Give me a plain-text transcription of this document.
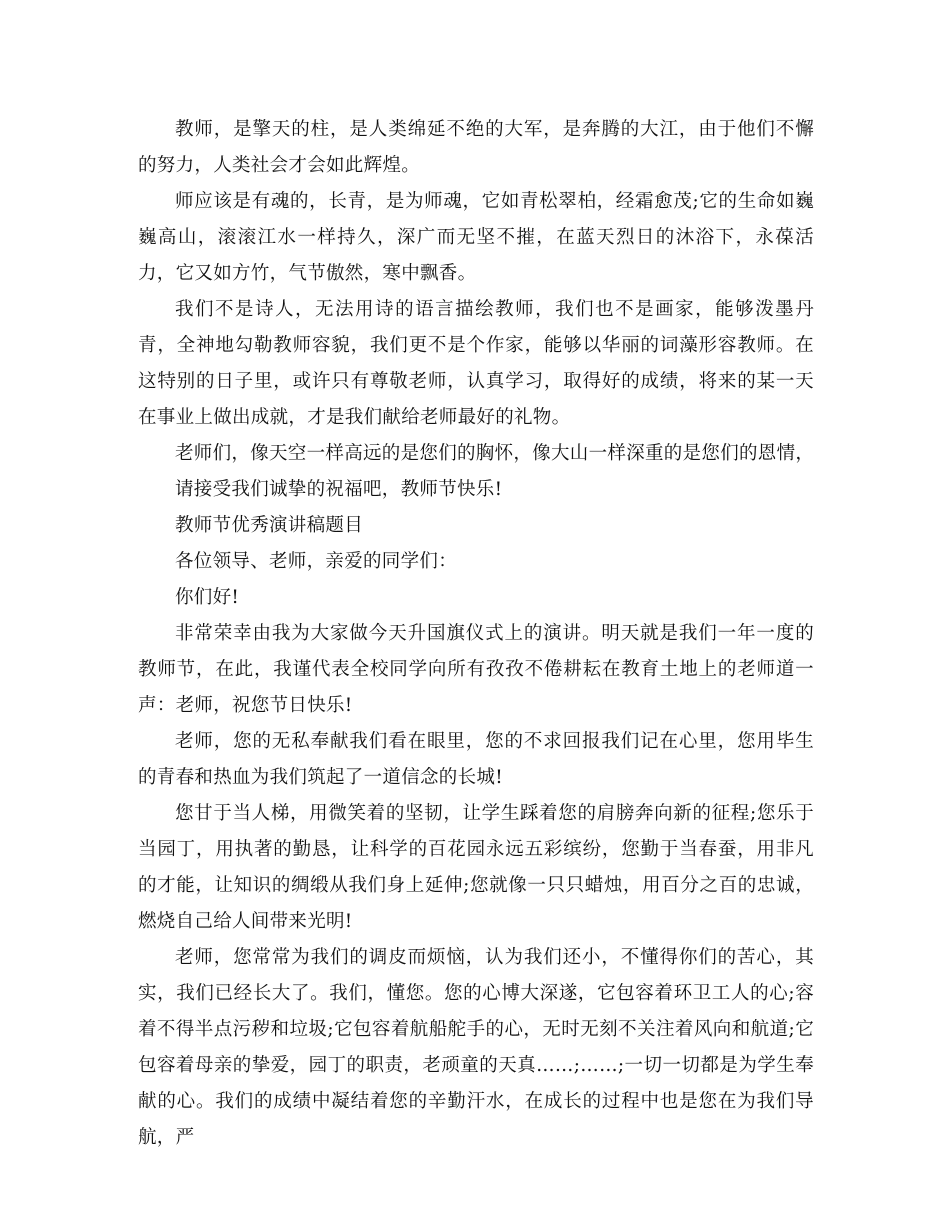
教师，是擎天的柱，是人类绵延不绝的大军，是奔腾的大江，由于他们不懈的努力，人类社会才会如此辉煌。

师应该是有魂的，长青，是为师魂，它如青松翠柏，经霜愈茂;它的生命如巍巍高山，滚滚江水一样持久，深广而无坚不摧，在蓝天烈日的沐浴下，永葆活力，它又如方竹，气节傲然，寒中飘香。

我们不是诗人，无法用诗的语言描绘教师，我们也不是画家，能够泼墨丹青，全神地勾勒教师容貌，我们更不是个作家，能够以华丽的词藻形容教师。在这特别的日子里，或许只有尊敬老师，认真学习，取得好的成绩，将来的某一天在事业上做出成就，才是我们献给老师最好的礼物。

老师们，像天空一样高远的是您们的胸怀，像大山一样深重的是您们的恩情，

请接受我们诚挚的祝福吧，教师节快乐!

教师节优秀演讲稿题目

各位领导、老师，亲爱的同学们：

你们好!

非常荣幸由我为大家做今天升国旗仪式上的演讲。明天就是我们一年一度的教师节，在此，我谨代表全校同学向所有孜孜不倦耕耘在教育土地上的老师道一声：老师，祝您节日快乐!

老师，您的无私奉献我们看在眼里，您的不求回报我们记在心里，您用毕生的青春和热血为我们筑起了一道信念的长城!

您甘于当人梯，用微笑着的坚韧，让学生踩着您的肩膀奔向新的征程;您乐于当园丁，用执著的勤恳，让科学的百花园永远五彩缤纷，您勤于当春蚕，用非凡的才能，让知识的绸缎从我们身上延伸;您就像一只只蜡烛，用百分之百的忠诚，燃烧自己给人间带来光明!

老师，您常常为我们的调皮而烦恼，认为我们还小，不懂得你们的苦心，其实，我们已经长大了。我们，懂您。您的心博大深遂，它包容着环卫工人的心;容着不得半点污秽和垃圾;它包容着航船舵手的心，无时无刻不关注着风向和航道;它包容着母亲的挚爱，园丁的职责，老顽童的天真……;……;一切一切都是为学生奉献的心。我们的成绩中凝结着您的辛勤汗水，在成长的过程中也是您在为我们导航，严
